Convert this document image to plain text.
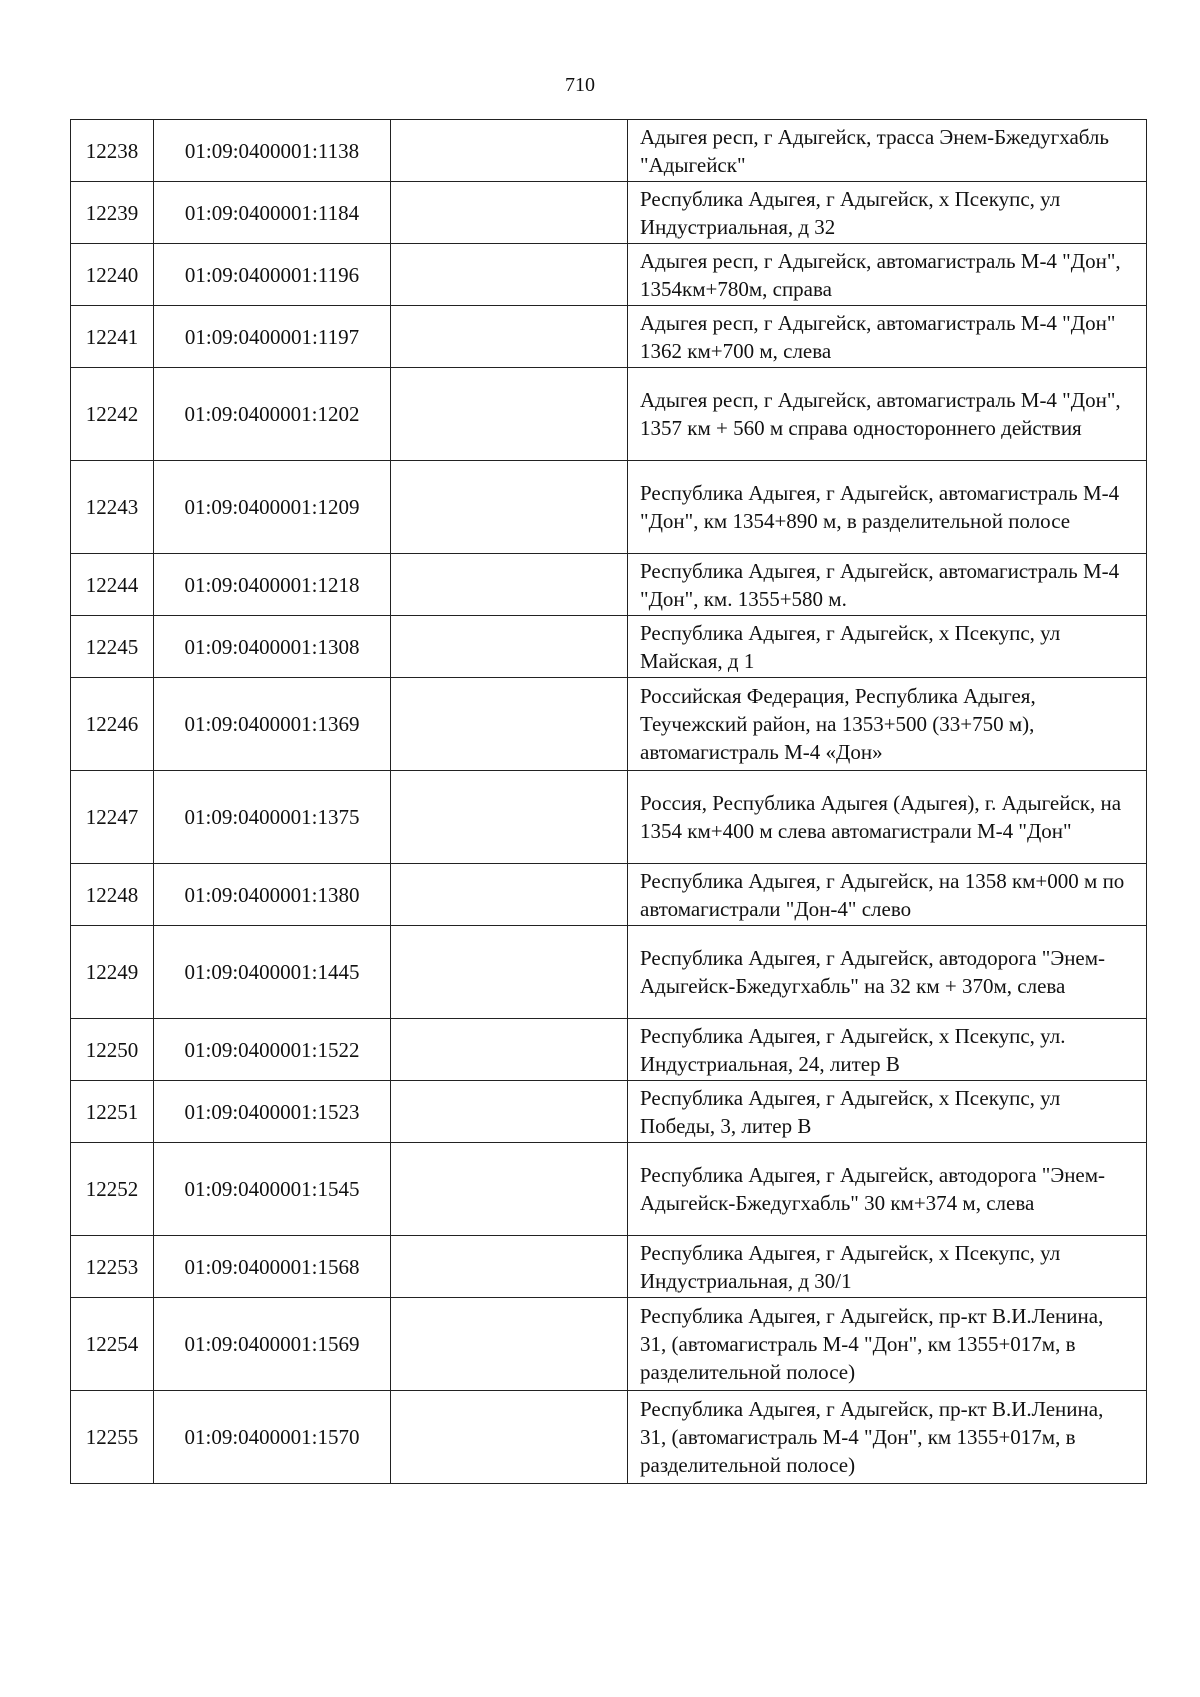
710
12238	01:09:0400001:1138		Адыгея респ, г Адыгейск, трасса Энем-Бжедугхабль "Адыгейск"
12239	01:09:0400001:1184		Республика Адыгея, г Адыгейск, х Псекупс, ул Индустриальная, д 32
12240	01:09:0400001:1196		Адыгея респ, г Адыгейск, автомагистраль М-4 "Дон", 1354км+780м, справа
12241	01:09:0400001:1197		Адыгея респ, г Адыгейск, автомагистраль М-4 "Дон" 1362 км+700 м, слева
12242	01:09:0400001:1202		Адыгея респ, г Адыгейск, автомагистраль М-4 "Дон", 1357 км + 560 м справа одностороннего действия
12243	01:09:0400001:1209		Республика Адыгея, г Адыгейск, автомагистраль М-4 "Дон", км 1354+890 м, в разделительной полосе
12244	01:09:0400001:1218		Республика Адыгея, г Адыгейск, автомагистраль М-4 "Дон", км. 1355+580 м.
12245	01:09:0400001:1308		Республика Адыгея, г Адыгейск, х Псекупс, ул Майская, д 1
12246	01:09:0400001:1369		Российская Федерация, Республика Адыгея, Теучежский район, на 1353+500 (33+750 м), автомагистраль М-4 «Дон»
12247	01:09:0400001:1375		Россия, Республика Адыгея (Адыгея), г. Адыгейск, на 1354 км+400 м слева автомагистрали М-4 "Дон"
12248	01:09:0400001:1380		Республика Адыгея, г Адыгейск, на 1358 км+000 м по автомагистрали "Дон-4" слево
12249	01:09:0400001:1445		Республика Адыгея, г Адыгейск, автодорога "Энем-Адыгейск-Бжедугхабль" на 32 км + 370м, слева
12250	01:09:0400001:1522		Республика Адыгея, г Адыгейск, х Псекупс, ул. Индустриальная, 24, литер В
12251	01:09:0400001:1523		Республика Адыгея, г Адыгейск, х Псекупс, ул Победы, 3, литер В
12252	01:09:0400001:1545		Республика Адыгея, г Адыгейск, автодорога "Энем-Адыгейск-Бжедугхабль" 30 км+374 м, слева
12253	01:09:0400001:1568		Республика Адыгея, г Адыгейск, х Псекупс, ул Индустриальная, д 30/1
12254	01:09:0400001:1569		Республика Адыгея, г Адыгейск, пр-кт В.И.Ленина, 31, (автомагистраль М-4 "Дон", км 1355+017м, в разделительной полосе)
12255	01:09:0400001:1570		Республика Адыгея, г Адыгейск, пр-кт В.И.Ленина, 31, (автомагистраль М-4 "Дон", км 1355+017м, в разделительной полосе)
